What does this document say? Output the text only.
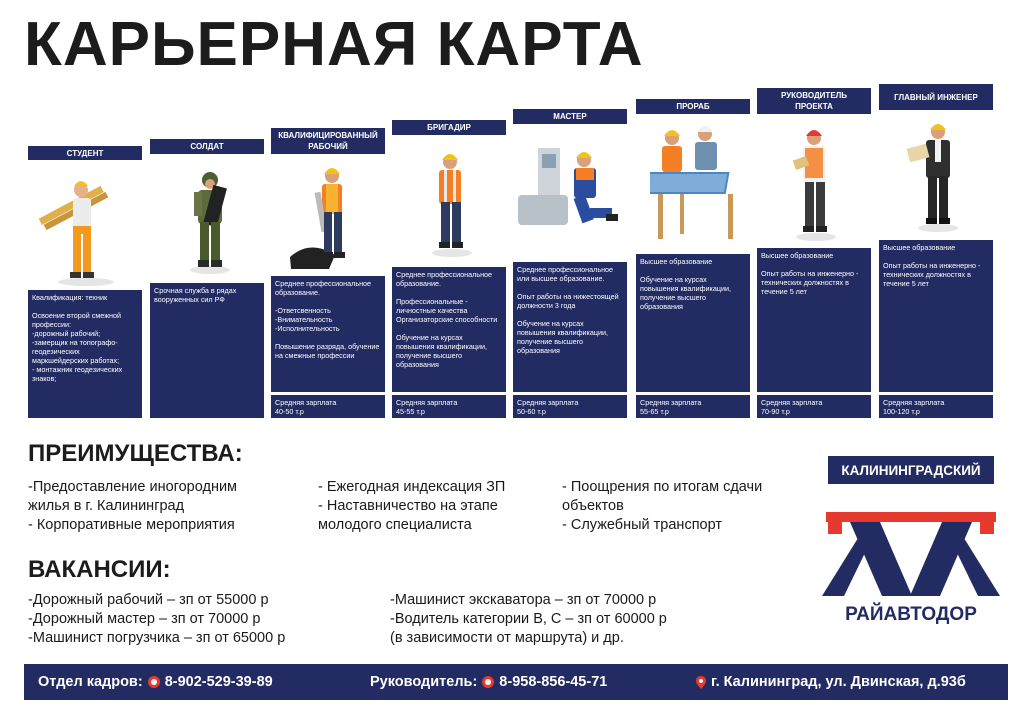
КАРЬЕРНАЯ КАРТА
СТУДЕНТ
СОЛДАТ
КВАЛИФИЦИРОВАННЫЙ РАБОЧИЙ
БРИГАДИР
МАСТЕР
ПРОРАБ
РУКОВОДИТЕЛЬ ПРОЕКТА
ГЛАВНЫЙ ИНЖЕНЕР
Квалификация: техник

Освоение второй смежной профессии:
-дорожный рабочий;
-замерщик на топографо-геодезических маркшейдерских работах;
- монтажник геодезических знаков;
Срочная служба в рядах вооруженных сил РФ
Среднее профессиональное образование.

-Ответсвенность
-Внимательность
-Исполнительность

Повышение разряда, обучение на смежные профессии
Среднее профессиональное образование.

Профессиональные - личностные качества Организаторские способности

Обучение на курсах повышения квалификации, получение высшего образования
Среднее профессиональное или высшее образование.

Опыт работы на нижестоящей должности 3 года

Обучение на курсах повышения квалификации, получение высшего образования
Высшее образование

Обучение на курсах повышения квалификации, получение высшего образования
Высшее образование

Опыт работы на инженерно - технических должностях в течение 5 лет
Высшее образование

Опыт работы на инженерно - технических должностях в течение 5 лет
Средняя зарплата
40-50 т.р
Средняя зарплата
45-55 т.р
Средняя зарплата
50-60 т.р
Средняя зарплата
55-65 т.р
Средняя зарплата
70-90 т.р
Средняя зарплата
100-120 т.р
ПРЕИМУЩЕСТВА:
-Предоставление иногородним
жилья в г. Калининград
- Корпоративные мероприятия
- Ежегодная индексация ЗП
- Наставничество на этапе
молодого специалиста
- Поощрения по итогам сдачи
объектов
- Служебный транспорт
ВАКАНСИИ:
-Дорожный рабочий – зп от 55000 р
-Дорожный мастер – зп от 70000 р
-Машинист погрузчика – зп от 65000 р
-Машинист экскаватора – зп от 70000 р
-Водитель категории В, С – зп от 60000 р
(в зависимости от маршрута) и др.
КАЛИНИНГРАДСКИЙ
РАЙАВТОДОР
Отдел кадров: 8-902-529-39-89	Руководитель: 8-958-856-45-71	г. Калининград, ул. Двинская, д.93б
